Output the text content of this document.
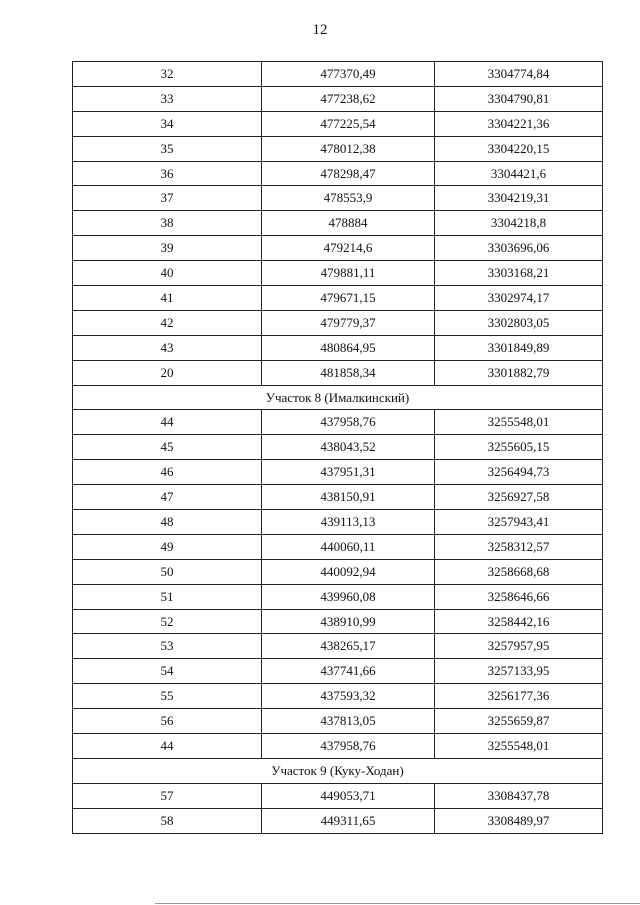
12
32	477370,49	3304774,84
33	477238,62	3304790,81
34	477225,54	3304221,36
35	478012,38	3304220,15
36	478298,47	3304421,6
37	478553,9	3304219,31
38	478884	3304218,8
39	479214,6	3303696,06
40	479881,11	3303168,21
41	479671,15	3302974,17
42	479779,37	3302803,05
43	480864,95	3301849,89
20	481858,34	3301882,79
Участок 8 (Ималкинский)		
44	437958,76	3255548,01
45	438043,52	3255605,15
46	437951,31	3256494,73
47	438150,91	3256927,58
48	439113,13	3257943,41
49	440060,11	3258312,57
50	440092,94	3258668,68
51	439960,08	3258646,66
52	438910,99	3258442,16
53	438265,17	3257957,95
54	437741,66	3257133,95
55	437593,32	3256177,36
56	437813,05	3255659,87
44	437958,76	3255548,01
Участок 9 (Куку-Ходан)		
57	449053,71	3308437,78
58	449311,65	3308489,97
